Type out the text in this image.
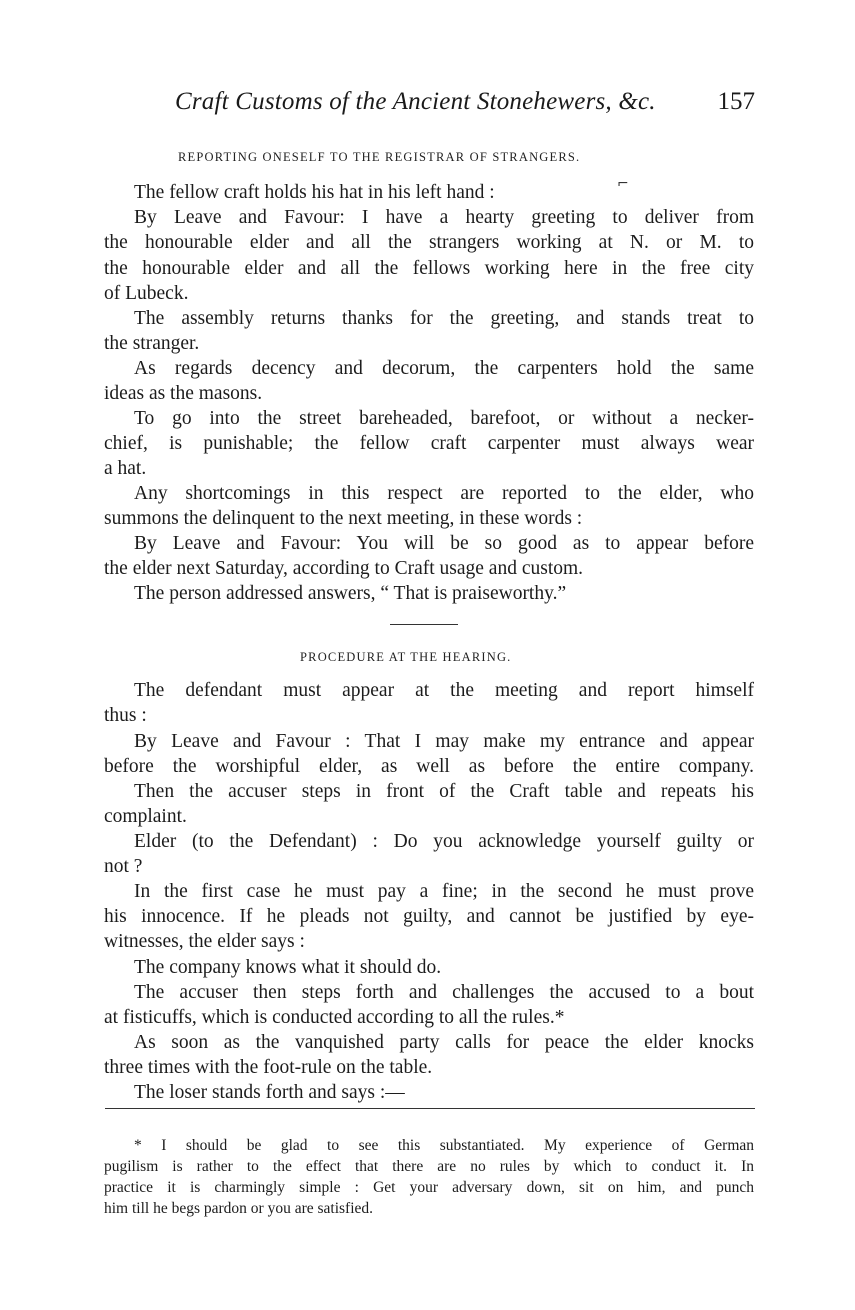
Craft Customs of the Ancient Stonehewers, &c. 157
REPORTING ONESELF TO THE REGISTRAR OF STRANGERS.
⌐
The fellow craft holds his hat in his left hand :
By Leave and Favour: I have a hearty greeting to deliver from
the honourable elder and all the strangers working at N. or M. to
the honourable elder and all the fellows working here in the free city
of Lubeck.
The assembly returns thanks for the greeting, and stands treat to
the stranger.
As regards decency and decorum, the carpenters hold the same
ideas as the masons.
To go into the street bareheaded, barefoot, or without a necker-
chief, is punishable; the fellow craft carpenter must always wear
a hat.
Any shortcomings in this respect are reported to the elder, who
summons the delinquent to the next meeting, in these words :
By Leave and Favour: You will be so good as to appear before
the elder next Saturday, according to Craft usage and custom.
The person addressed answers, “ That is praiseworthy.”
PROCEDURE AT THE HEARING.
The defendant must appear at the meeting and report himself
thus :
By Leave and Favour : That I may make my entrance and appear
before the worshipful elder, as well as before the entire company.
Then the accuser steps in front of the Craft table and repeats his
complaint.
Elder (to the Defendant) : Do you acknowledge yourself guilty or
not ?
In the first case he must pay a fine; in the second he must prove
his innocence. If he pleads not guilty, and cannot be justified by eye-
witnesses, the elder says :
The company knows what it should do.
The accuser then steps forth and challenges the accused to a bout
at fisticuffs, which is conducted according to all the rules.*
As soon as the vanquished party calls for peace the elder knocks
three times with the foot-rule on the table.
The loser stands forth and says :—
* I should be glad to see this substantiated. My experience of German
pugilism is rather to the effect that there are no rules by which to conduct it. In
practice it is charmingly simple : Get your adversary down, sit on him, and punch
him till he begs pardon or you are satisfied.
